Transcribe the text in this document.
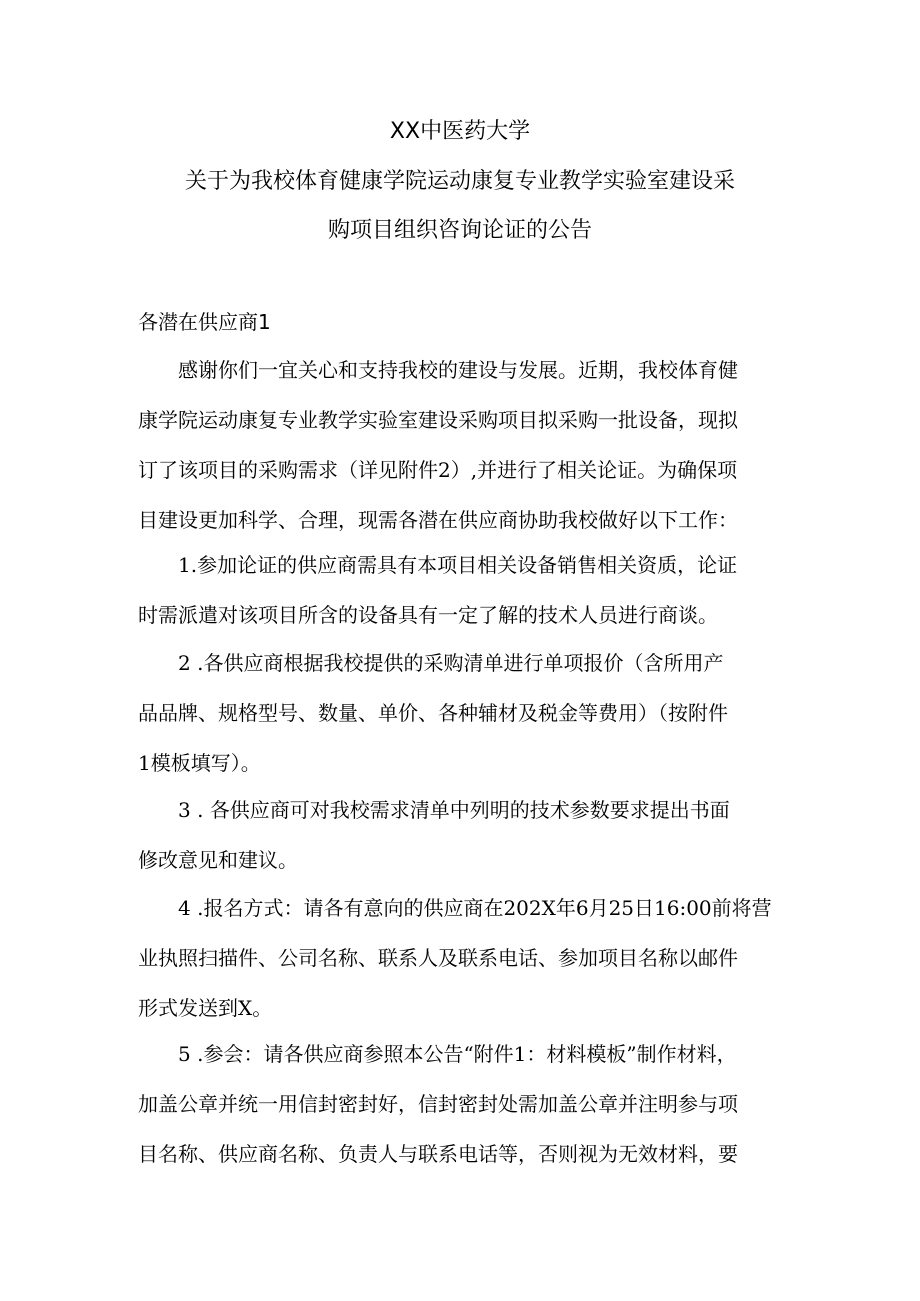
XX中医药大学
关于为我校体育健康学院运动康复专业教学实验室建设采
购项目组织咨询论证的公告
各潜在供应商1
　　感谢你们一宜关心和支持我校的建设与发展。近期，我校体育健
康学院运动康复专业教学实验室建设采购项目拟采购一批设备，现拟
订了该项目的采购需求（详见附件2）,并进行了相关论证。为确保项
目建设更加科学、合理，现需各潜在供应商协助我校做好以下工作：
　　1.参加论证的供应商需具有本项目相关设备销售相关资质，论证
时需派遣对该项目所含的设备具有一定了解的技术人员进行商谈。
　　2 .各供应商根据我校提供的采购清单进行单项报价（含所用产
品品牌、规格型号、数量、单价、各种辅材及税金等费用）（按附件
1模板填写）。
　　3 . 各供应商可对我校需求清单中列明的技术参数要求提出书面
修改意见和建议。
　　4 .报名方式：请各有意向的供应商在202X年6月25日16:00前将营
业执照扫描件、公司名称、联系人及联系电话、参加项目名称以邮件
形式发送到X。
　　5 .参会：请各供应商参照本公告“附件1：材料模板”制作材料，
加盖公章并统一用信封密封好，信封密封处需加盖公章并注明参与项
目名称、供应商名称、负责人与联系电话等，否则视为无效材料，要
